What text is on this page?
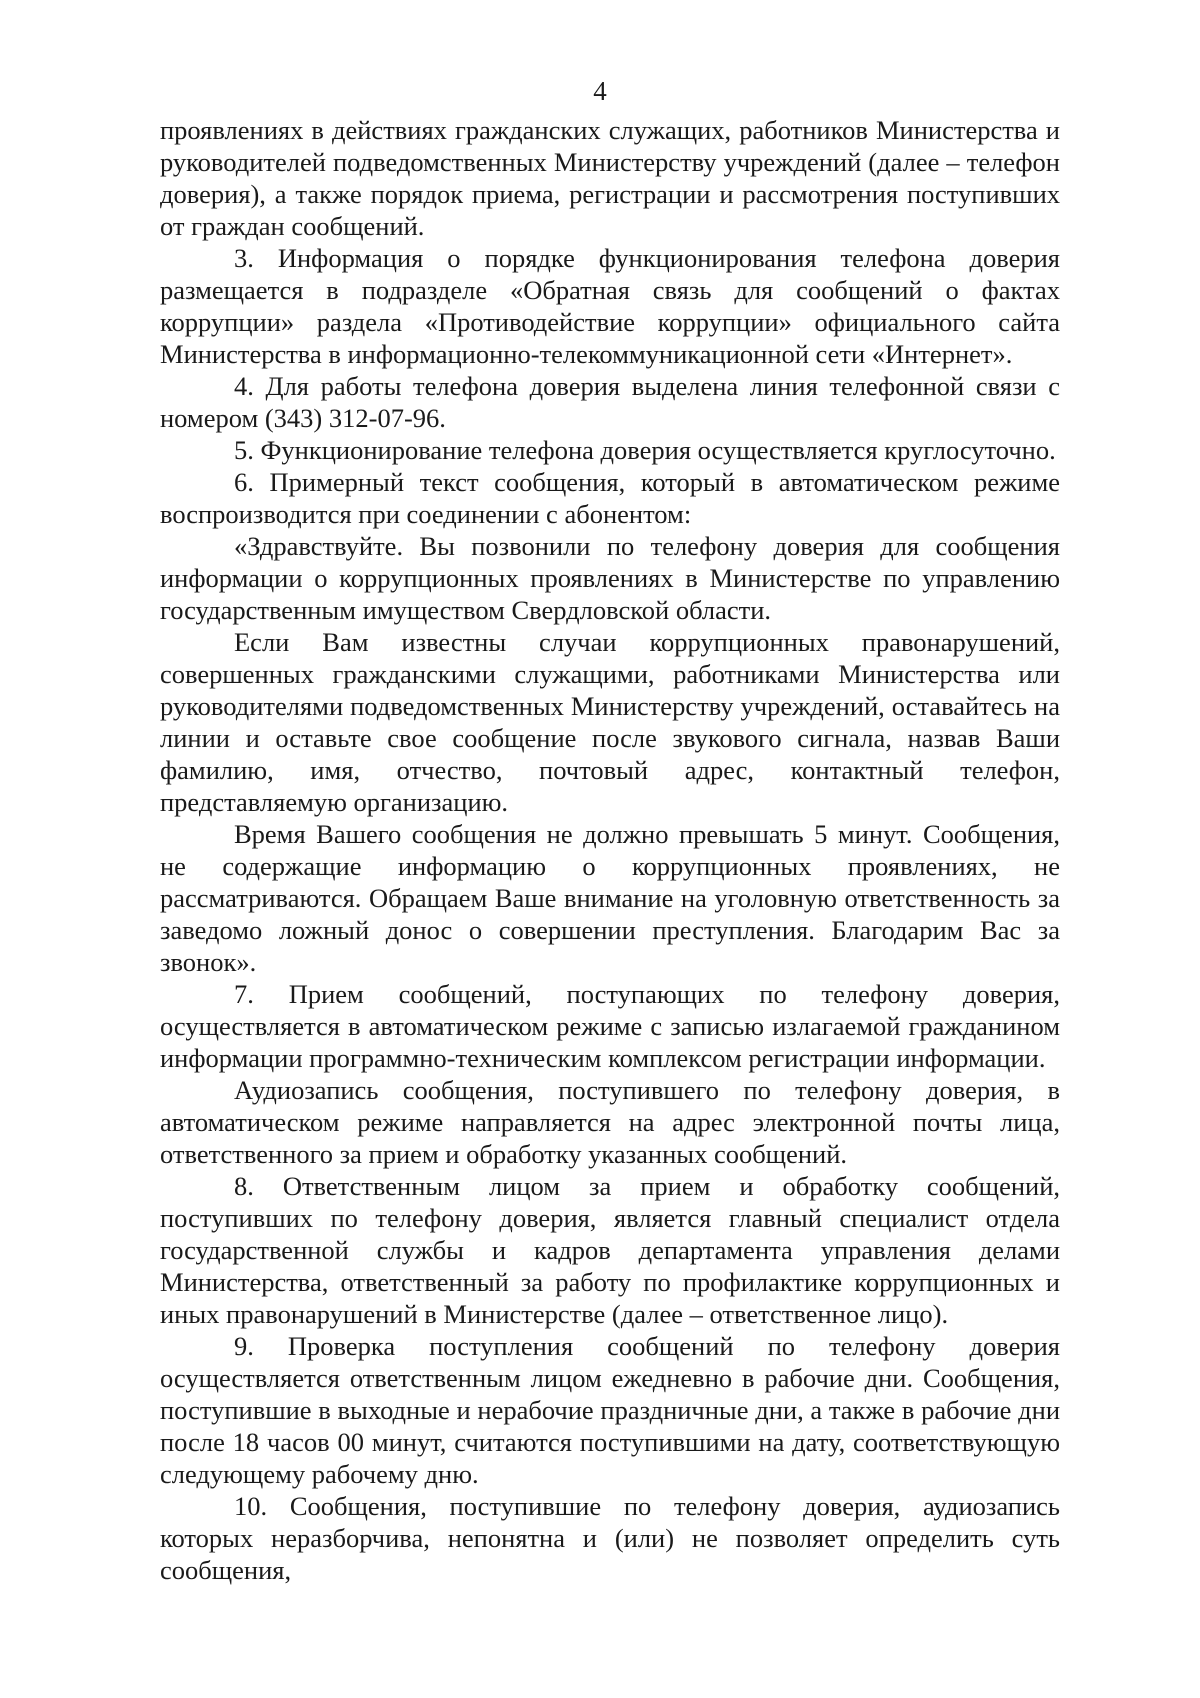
4

проявлениях в действиях гражданских служащих, работников Министерства и руководителей подведомственных Министерству учреждений (далее – телефон доверия), а также порядок приема, регистрации и рассмотрения поступивших от граждан сообщений.

3. Информация о порядке функционирования телефона доверия размещается в подразделе «Обратная связь для сообщений о фактах коррупции» раздела «Противодействие коррупции» официального сайта Министерства в информационно-телекоммуникационной сети «Интернет».

4. Для работы телефона доверия выделена линия телефонной связи с номером (343) 312-07-96.

5. Функционирование телефона доверия осуществляется круглосуточно.

6. Примерный текст сообщения, который в автоматическом режиме воспроизводится при соединении с абонентом:

«Здравствуйте. Вы позвонили по телефону доверия для сообщения информации о коррупционных проявлениях в Министерстве по управлению государственным имуществом Свердловской области.

Если Вам известны случаи коррупционных правонарушений, совершенных гражданскими служащими, работниками Министерства или руководителями подведомственных Министерству учреждений, оставайтесь на линии и оставьте свое сообщение после звукового сигнала, назвав Ваши фамилию, имя, отчество, почтовый адрес, контактный телефон, представляемую организацию.

Время Вашего сообщения не должно превышать 5 минут. Сообщения, не содержащие информацию о коррупционных проявлениях, не рассматриваются. Обращаем Ваше внимание на уголовную ответственность за заведомо ложный донос о совершении преступления. Благодарим Вас за звонок».

7. Прием сообщений, поступающих по телефону доверия, осуществляется в автоматическом режиме с записью излагаемой гражданином информации программно-техническим комплексом регистрации информации.

Аудиозапись сообщения, поступившего по телефону доверия, в автоматическом режиме направляется на адрес электронной почты лица, ответственного за прием и обработку указанных сообщений.

8. Ответственным лицом за прием и обработку сообщений, поступивших по телефону доверия, является главный специалист отдела государственной службы и кадров департамента управления делами Министерства, ответственный за работу по профилактике коррупционных и иных правонарушений в Министерстве (далее – ответственное лицо).

9. Проверка поступления сообщений по телефону доверия осуществляется ответственным лицом ежедневно в рабочие дни. Сообщения, поступившие в выходные и нерабочие праздничные дни, а также в рабочие дни после 18 часов 00 минут, считаются поступившими на дату, соответствующую следующему рабочему дню.

10. Сообщения, поступившие по телефону доверия, аудиозапись которых неразборчива, непонятна и (или) не позволяет определить суть сообщения,
